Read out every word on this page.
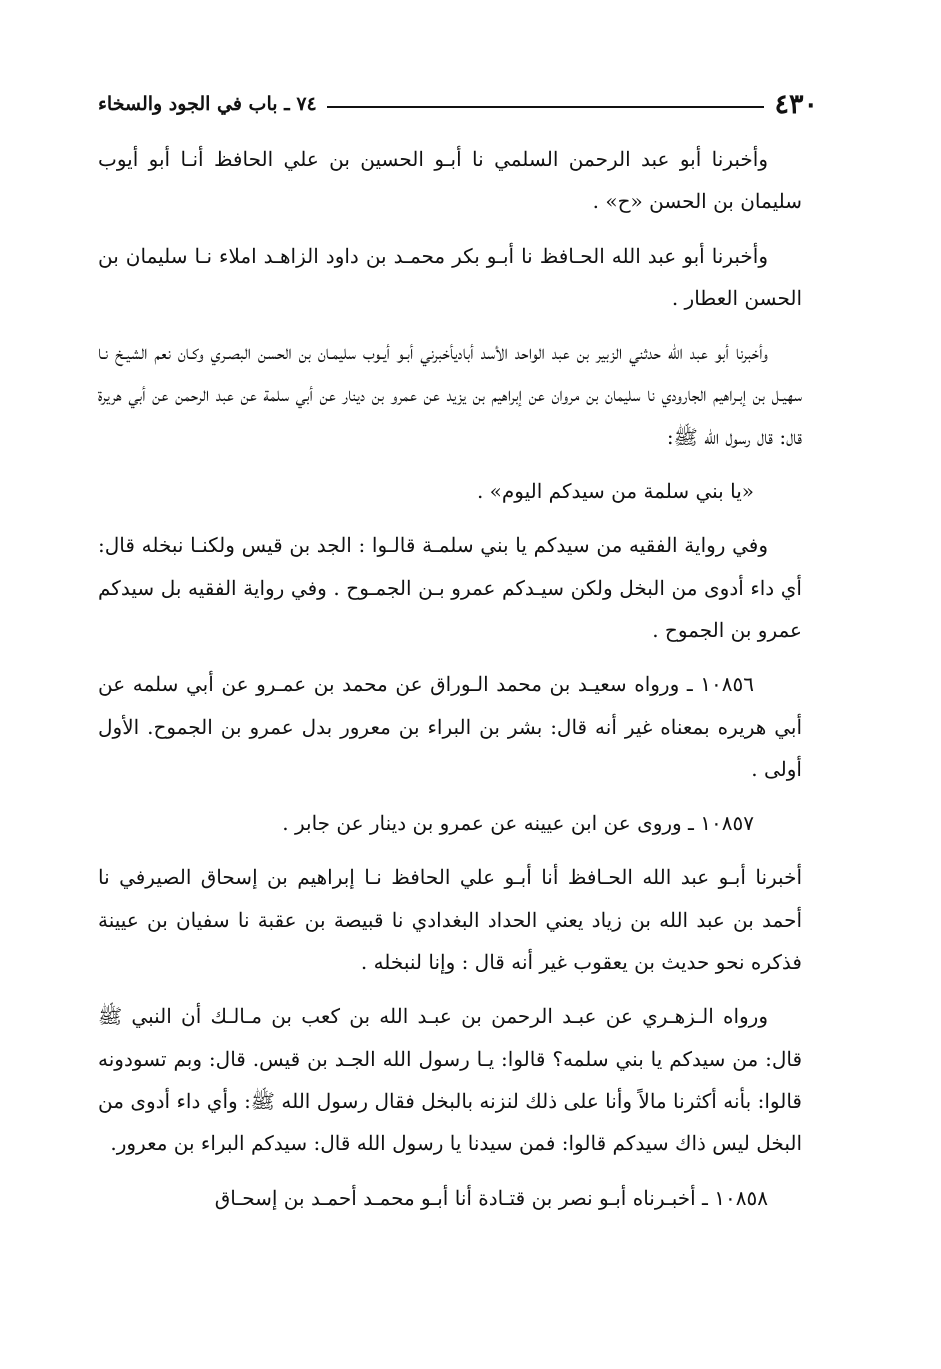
٤٣٠
٧٤ ـ باب في الجود والسخاء

وأخبرنا أبو عبد الرحمن السلمي نا أبـو الحسين بن علي الحافظ أنـا أبو أيوب سليمان بن الحسن «ح» .

وأخبرنا أبو عبد الله الحـافظ نا أبـو بكر محمـد بن داود الزاهـد املاء نـا سليمان بن الحسن العطار .

وأخبرنا أبو عبد الله حدثني الزبير بن عبد الواحد الأسد أباديأخبرني أبـو أيـوب سليمـان بن الحسن البصـري وكـان نعم الشيـخ نـا سهيـل بن إبـراهيم الجارودي نا سليمان بن مروان عن إبراهيم بن يزيد عن عمرو بن دينار عن أبي سلمة عن عبد الرحمن عن أبي هريرة قال: قال رسول الله ﷺ:

«يا بني سلمة من سيدكم اليوم» .

وفي رواية الفقيه من سيدكم يا بني سلمـة قالـوا : الجد بن قيس ولكنـا نبخله قال: أي داء أدوى من البخل ولكن سيـدكم عمرو بـن الجمـوح . وفي رواية الفقيه بل سيدكم عمرو بن الجموح .

١٠٨٥٦ ـ ورواه سعيـد بن محمد الـوراق عن محمد بن عمـرو عن أبي سلمه عن أبي هريره بمعناه غير أنه قال: بشر بن البراء بن معرور بدل عمرو بن الجموح. الأول أولى .

١٠٨٥٧ ـ وروى عن ابن عيينه عن عمرو بن دينار عن جابر .

أخبرنا أبـو عبد الله الحـافظ أنا أبـو علي الحافظ نـا إبراهيم بن إسحاق الصيرفي نا أحمد بن عبد الله بن زياد يعني الحداد البغدادي نا قبيصة بن عقبة نا سفيان بن عيينة فذكره نحو حديث بن يعقوب غير أنه قال : وإنا لنبخله .

ورواه الـزهـري عن عبـد الرحمن بن عبـد الله بن كعب بن مـالـك أن النبي ﷺ قال: من سيدكم يا بني سلمه؟ قالوا: يـا رسول الله الجـد بن قيس. قال: وبم تسودونه قالوا: بأنه أكثرنا مالاً وأنا على ذلك لنزنه بالبخل فقال رسول الله ﷺ: وأي داء أدوى من البخل ليس ذاك سيدكم قالوا: فمن سيدنا يا رسول الله قال: سيدكم البراء بن معرور.

١٠٨٥٨ ـ أخبـرناه أبـو نصر بن قتـادة أنا أبـو محمـد أحمـد بن إسحـاق
